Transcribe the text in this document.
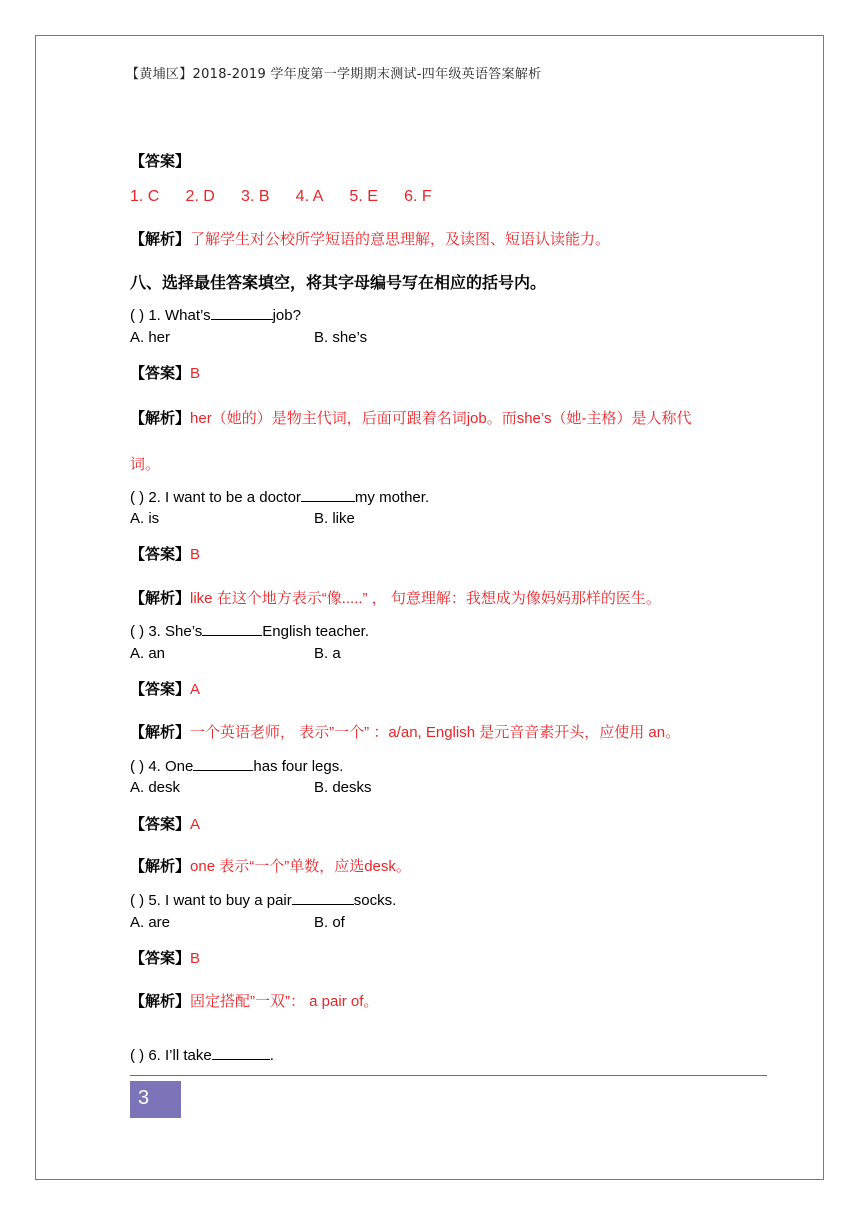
【黄埔区】2018-2019 学年度第一学期期末测试-四年级英语答案解析
【答案】
1. C 2. D 3. B 4. A 5. E 6. F
【解析】了解学生对公校所学短语的意思理解，及读图、短语认读能力。
八、选择最佳答案填空，将其字母编号写在相应的括号内。
( ) 1. What’s	job?
A. her	B. she’s
【答案】B
【解析】her（她的）是物主代词，后面可跟着名词job。而she’s（她-主格）是人称代
词。
( ) 2. I want to be a doctor	my mother.
A. is	B. like
【答案】B
【解析】like 在这个地方表示“像.....” ， 句意理解：我想成为像妈妈那样的医生。
( ) 3. She’s	English teacher.
A. an	B. a
【答案】A
【解析】一个英语老师， 表示”一个” ：a/an, English 是元音音素开头，应使用 an。
( ) 4. One	has four legs.
A. desk	B. desks
【答案】A
【解析】one 表示“一个”单数，应选desk。
( ) 5. I want to buy a pair	socks.
A. are	B. of
【答案】B
【解析】固定搭配”一双”： a pair of。
( ) 6. I’ll take	.
3
